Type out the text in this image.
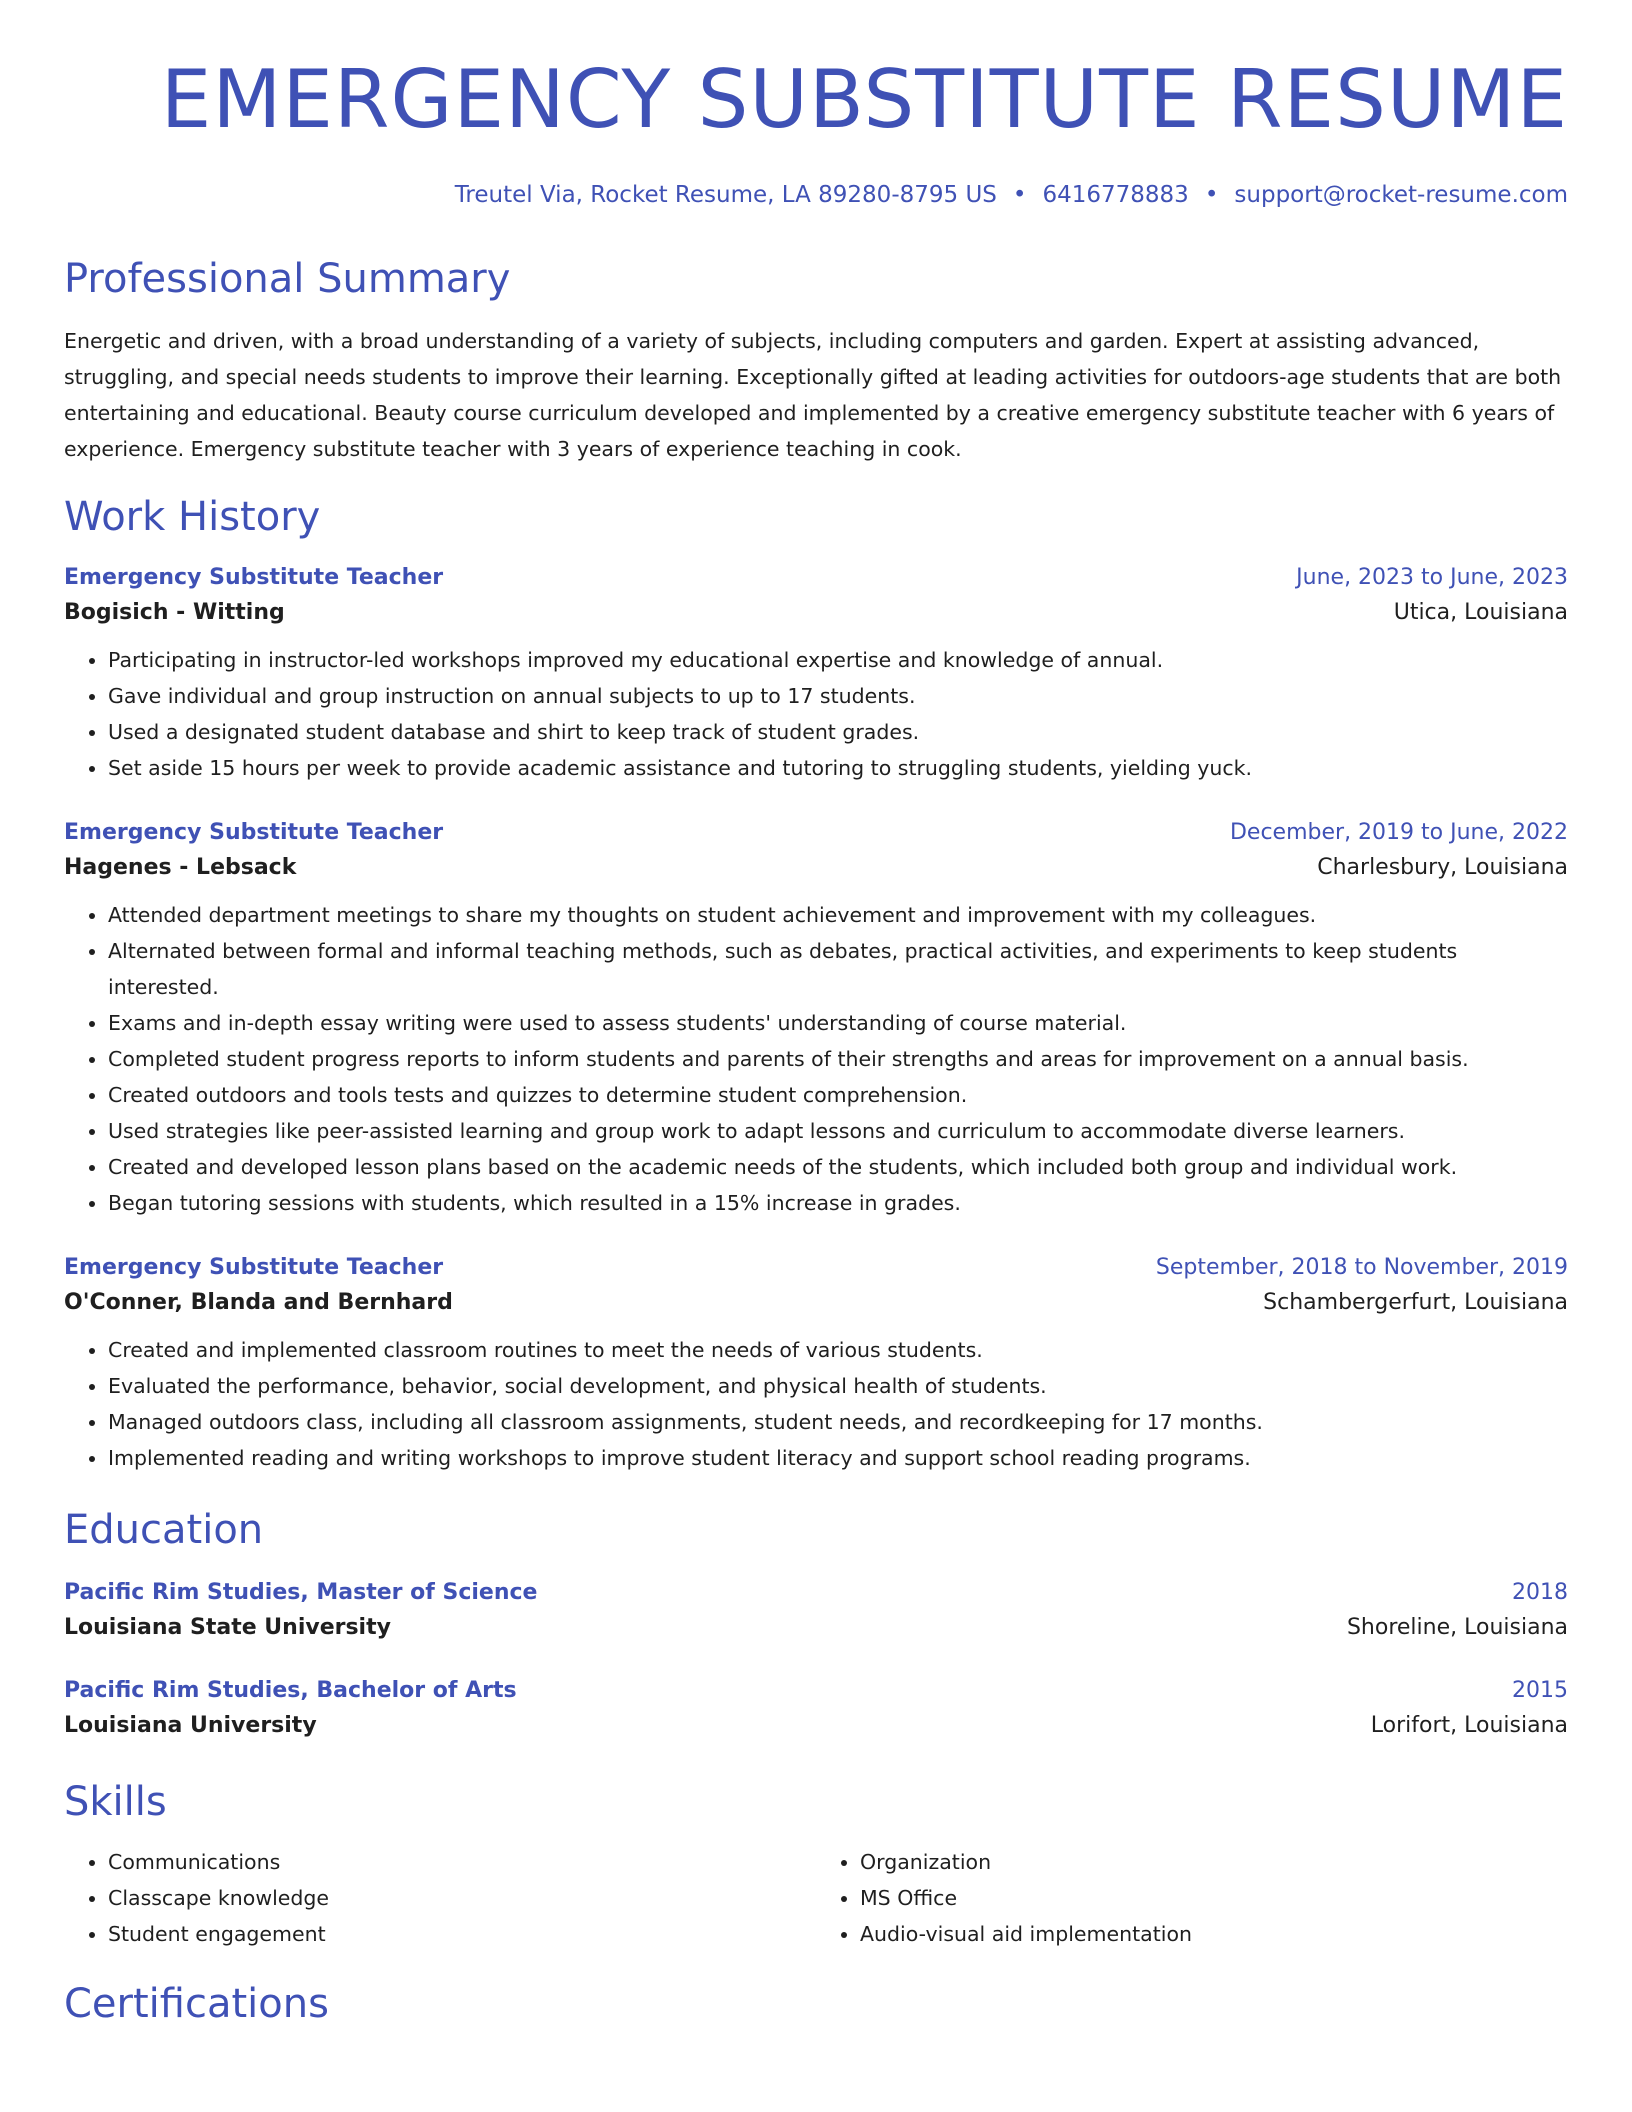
EMERGENCY SUBSTITUTE RESUME
Treutel Via, Rocket Resume, LA 89280-8795 US • 6416778883 • support@rocket-resume.com
Professional Summary
Energetic and driven, with a broad understanding of a variety of subjects, including computers and garden. Expert at assisting advanced, struggling, and special needs students to improve their learning. Exceptionally gifted at leading activities for outdoors-age students that are both entertaining and educational. Beauty course curriculum developed and implemented by a creative emergency substitute teacher with 6 years of experience. Emergency substitute teacher with 3 years of experience teaching in cook.
Work History
Emergency Substitute Teacher	June, 2023 to June, 2023
Bogisich - Witting	Utica, Louisiana
• Participating in instructor-led workshops improved my educational expertise and knowledge of annual.
• Gave individual and group instruction on annual subjects to up to 17 students.
• Used a designated student database and shirt to keep track of student grades.
• Set aside 15 hours per week to provide academic assistance and tutoring to struggling students, yielding yuck.
Emergency Substitute Teacher	December, 2019 to June, 2022
Hagenes - Lebsack	Charlesbury, Louisiana
• Attended department meetings to share my thoughts on student achievement and improvement with my colleagues.
• Alternated between formal and informal teaching methods, such as debates, practical activities, and experiments to keep students interested.
• Exams and in-depth essay writing were used to assess students' understanding of course material.
• Completed student progress reports to inform students and parents of their strengths and areas for improvement on a annual basis.
• Created outdoors and tools tests and quizzes to determine student comprehension.
• Used strategies like peer-assisted learning and group work to adapt lessons and curriculum to accommodate diverse learners.
• Created and developed lesson plans based on the academic needs of the students, which included both group and individual work.
• Began tutoring sessions with students, which resulted in a 15% increase in grades.
Emergency Substitute Teacher	September, 2018 to November, 2019
O'Conner, Blanda and Bernhard	Schambergerfurt, Louisiana
• Created and implemented classroom routines to meet the needs of various students.
• Evaluated the performance, behavior, social development, and physical health of students.
• Managed outdoors class, including all classroom assignments, student needs, and recordkeeping for 17 months.
• Implemented reading and writing workshops to improve student literacy and support school reading programs.
Education
Pacific Rim Studies, Master of Science	2018
Louisiana State University	Shoreline, Louisiana
Pacific Rim Studies, Bachelor of Arts	2015
Louisiana University	Lorifort, Louisiana
Skills
• Communications
• Classcape knowledge
• Student engagement
• Organization
• MS Office
• Audio-visual aid implementation
Certifications
